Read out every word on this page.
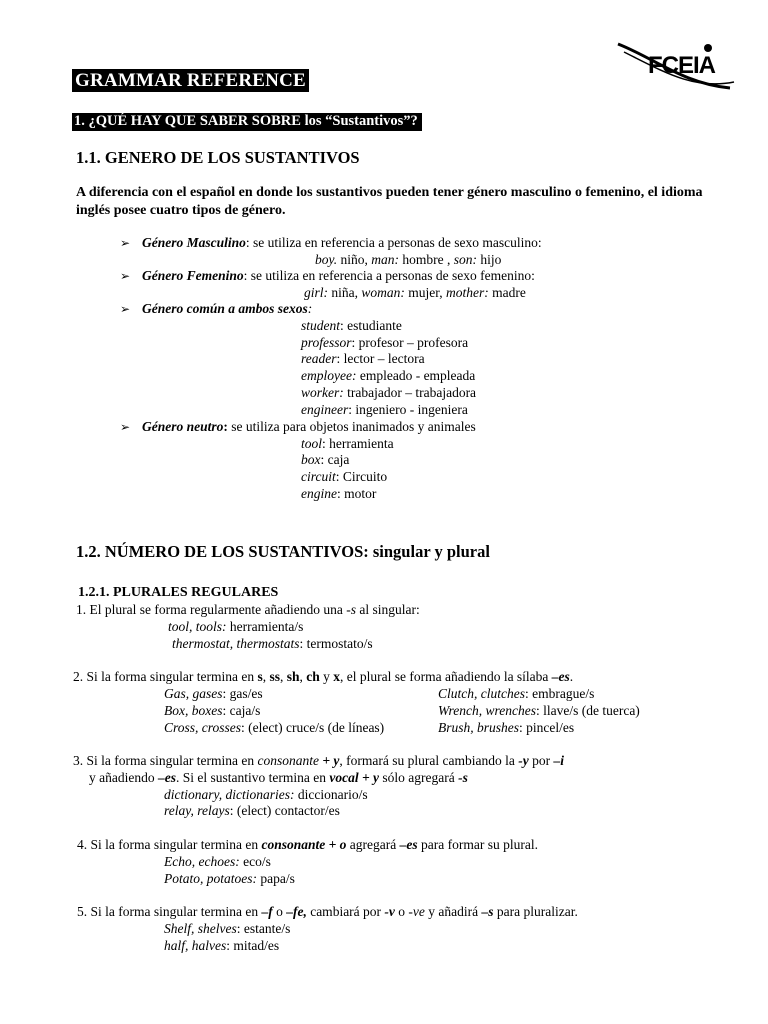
FCEIA
GRAMMAR REFERENCE
1. ¿QUÉ HAY QUE SABER SOBRE los “Sustantivos”?
1.1. GENERO DE LOS SUSTANTIVOS
A diferencia con el español en donde los sustantivos pueden tener género masculino o femenino, el idioma inglés posee cuatro tipos de género.
➢ Género Masculino: se utiliza en referencia a personas de sexo masculino:
boy. niño, man: hombre , son: hijo
➢ Género Femenino: se utiliza en referencia a personas de sexo femenino:
girl: niña, woman: mujer, mother: madre
➢ Género común a ambos sexos:
student: estudiante
professor: profesor – profesora
reader: lector – lectora
employee: empleado - empleada
worker: trabajador – trabajadora
engineer: ingeniero - ingeniera
➢ Género neutro: se utiliza para objetos inanimados y animales
tool: herramienta
box: caja
circuit: Circuito
engine: motor
1.2. NÚMERO DE LOS SUSTANTIVOS: singular y plural
1.2.1. PLURALES REGULARES
1. El plural se forma regularmente añadiendo una -s al singular:
tool, tools: herramienta/s
thermostat, thermostats: termostato/s
2. Si la forma singular termina en s, ss, sh, ch y x, el plural se forma añadiendo la sílaba –es.
Gas, gases: gas/es
Box, boxes: caja/s
Cross, crosses: (elect) cruce/s (de líneas)
Clutch, clutches: embrague/s
Wrench, wrenches: llave/s (de tuerca)
Brush, brushes: pincel/es
3. Si la forma singular termina en consonante + y, formará su plural cambiando la -y por –i
y añadiendo –es. Si el sustantivo termina en vocal + y sólo agregará -s
dictionary, dictionaries: diccionario/s
relay, relays: (elect) contactor/es
4. Si la forma singular termina en consonante + o agregará –es para formar su plural.
Echo, echoes: eco/s
Potato, potatoes: papa/s
5. Si la forma singular termina en –f o –fe, cambiará por -v o -ve y añadirá –s para pluralizar.
Shelf, shelves: estante/s
half, halves: mitad/es
